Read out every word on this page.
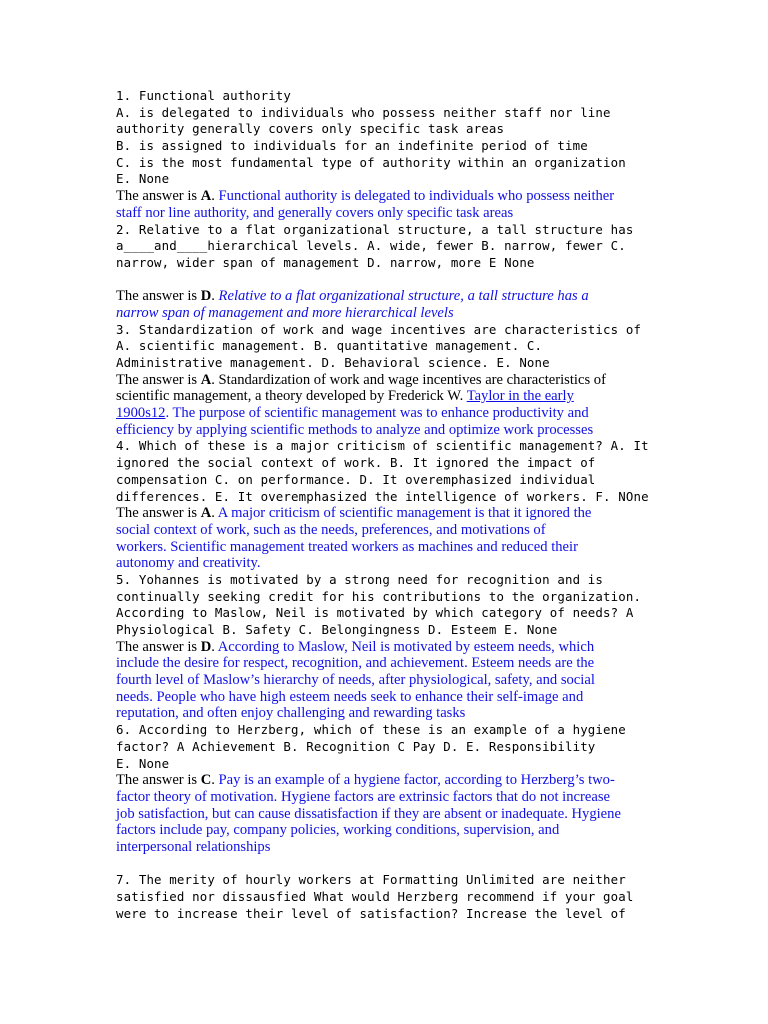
1. Functional authority
A. is delegated to individuals who possess neither staff nor line
authority generally covers only specific task areas
B. is assigned to individuals for an indefinite period of time
C. is the most fundamental type of authority within an organization
E. None
The answer is A. Functional authority is delegated to individuals who possess neither
staff nor line authority, and generally covers only specific task areas
2. Relative to a flat organizational structure, a tall structure has
a____and____hierarchical levels. A. wide, fewer B. narrow, fewer C.
narrow, wider span of management D. narrow, more E None
The answer is D. Relative to a flat organizational structure, a tall structure has a
narrow span of management and more hierarchical levels
3. Standardization of work and wage incentives are characteristics of
A. scientific management. B. quantitative management. C.
Administrative management. D. Behavioral science. E. None
The answer is A. Standardization of work and wage incentives are characteristics of
scientific management, a theory developed by Frederick W. Taylor in the early
1900s12. The purpose of scientific management was to enhance productivity and
efficiency by applying scientific methods to analyze and optimize work processes
4. Which of these is a major criticism of scientific management? A. It
ignored the social context of work. B. It ignored the impact of
compensation C. on performance. D. It overemphasized individual
differences. E. It overemphasized the intelligence of workers. F. NOne
The answer is A. A major criticism of scientific management is that it ignored the
social context of work, such as the needs, preferences, and motivations of
workers. Scientific management treated workers as machines and reduced their
autonomy and creativity.
5. Yohannes is motivated by a strong need for recognition and is
continually seeking credit for his contributions to the organization.
According to Maslow, Neil is motivated by which category of needs? A
Physiological B. Safety C. Belongingness D. Esteem E. None
The answer is D. According to Maslow, Neil is motivated by esteem needs, which
include the desire for respect, recognition, and achievement. Esteem needs are the
fourth level of Maslow’s hierarchy of needs, after physiological, safety, and social
needs. People who have high esteem needs seek to enhance their self-image and
reputation, and often enjoy challenging and rewarding tasks
6. According to Herzberg, which of these is an example of a hygiene
factor? A Achievement B. Recognition C Pay D. E. Responsibility
E. None
The answer is C. Pay is an example of a hygiene factor, according to Herzberg’s two-
factor theory of motivation. Hygiene factors are extrinsic factors that do not increase
job satisfaction, but can cause dissatisfaction if they are absent or inadequate. Hygiene
factors include pay, company policies, working conditions, supervision, and
interpersonal relationships
7. The merity of hourly workers at Formatting Unlimited are neither
satisfied nor dissausfied What would Herzberg recommend if your goal
were to increase their level of satisfaction? Increase the level of
